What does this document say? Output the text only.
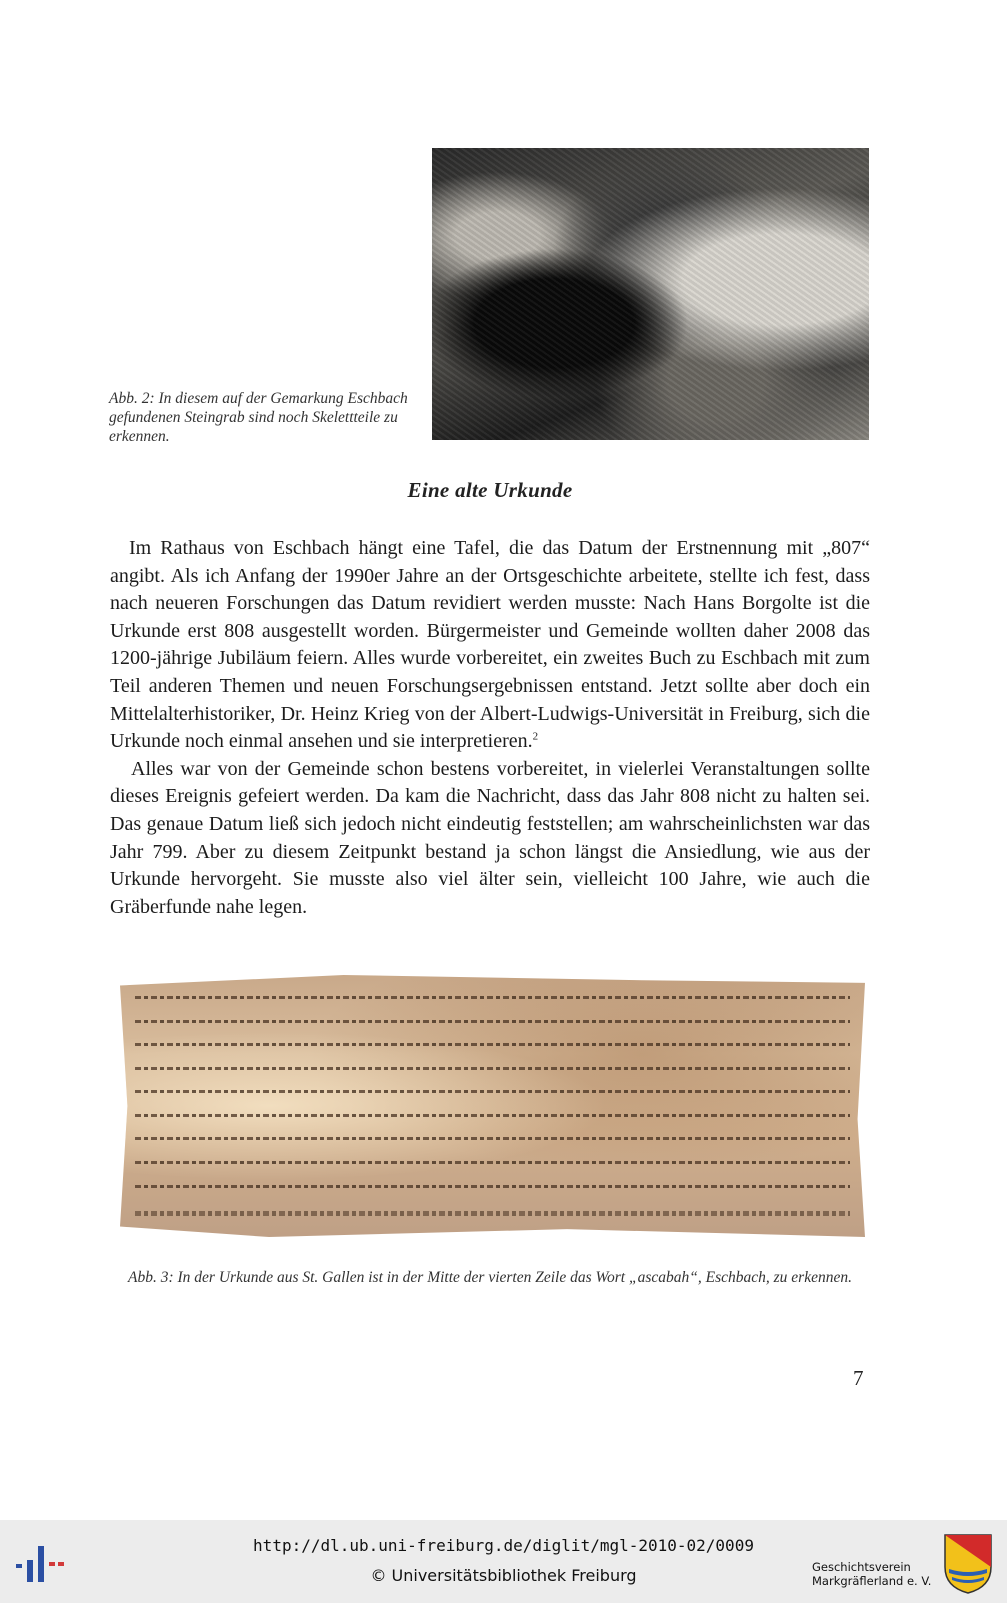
Abb. 2: In diesem auf der Gemarkung Eschbach gefundenen Steingrab sind noch Skelettteile zu erkennen.

Eine alte Urkunde

Im Rathaus von Eschbach hängt eine Tafel, die das Datum der Erstnennung mit „807“ angibt. Als ich Anfang der 1990er Jahre an der Ortsgeschichte arbeitete, stellte ich fest, dass nach neueren Forschungen das Datum revidiert werden musste: Nach Hans Borgolte ist die Urkunde erst 808 ausgestellt worden. Bürgermeister und Gemeinde wollten daher 2008 das 1200-jährige Jubiläum feiern. Alles wurde vorbereitet, ein zweites Buch zu Eschbach mit zum Teil anderen Themen und neuen Forschungsergebnissen entstand. Jetzt sollte aber doch ein Mittelalterhistoriker, Dr. Heinz Krieg von der Albert-Ludwigs-Universität in Freiburg, sich die Urkunde noch einmal ansehen und sie interpretieren.$^2$

Alles war von der Gemeinde schon bestens vorbereitet, in vielerlei Veranstaltungen sollte dieses Ereignis gefeiert werden. Da kam die Nachricht, dass das Jahr 808 nicht zu halten sei. Das genaue Datum ließ sich jedoch nicht eindeutig feststellen; am wahrscheinlichsten war das Jahr 799. Aber zu diesem Zeitpunkt bestand ja schon längst die Ansiedlung, wie aus der Urkunde hervorgeht. Sie musste also viel älter sein, vielleicht 100 Jahre, wie auch die Gräberfunde nahe legen.

Abb. 3: In der Urkunde aus St. Gallen ist in der Mitte der vierten Zeile das Wort „ascabah“, Eschbach, zu erkennen.

7
http://dl.ub.uni-freiburg.de/diglit/mgl-2010-02/0009
© Universitätsbibliothek Freiburg	Geschichtsverein
Markgräflerland e. V.
